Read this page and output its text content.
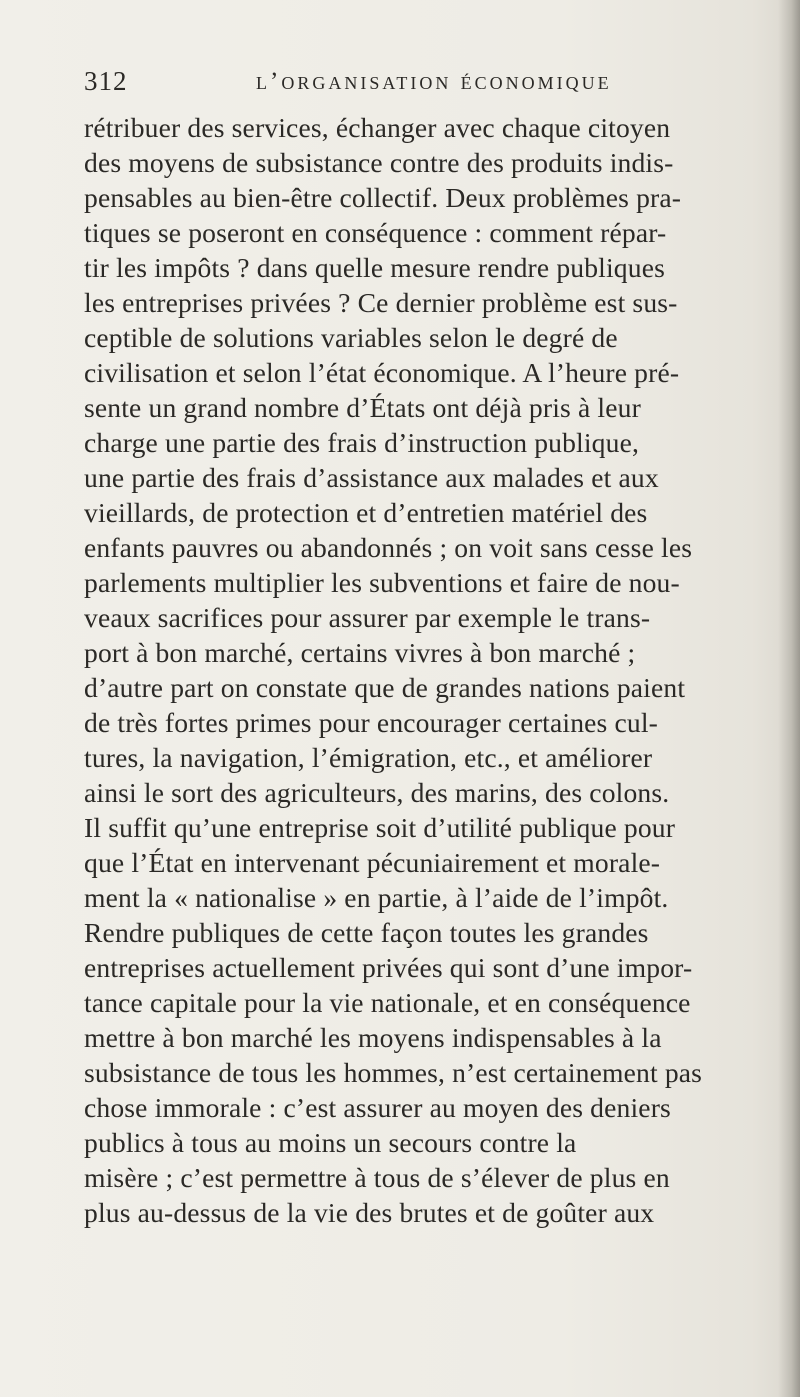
312	l’organisation économique
rétribuer des services, échanger avec chaque citoyen
des moyens de subsistance contre des produits indis-
pensables au bien-être collectif. Deux problèmes pra-
tiques se poseront en conséquence : comment répar-
tir les impôts ? dans quelle mesure rendre publiques
les entreprises privées ? Ce dernier problème est sus-
ceptible de solutions variables selon le degré de
civilisation et selon l’état économique. A l’heure pré-
sente un grand nombre d’États ont déjà pris à leur
charge une partie des frais d’instruction publique,
une partie des frais d’assistance aux malades et aux
vieillards, de protection et d’entretien matériel des
enfants pauvres ou abandonnés ; on voit sans cesse les
parlements multiplier les subventions et faire de nou-
veaux sacrifices pour assurer par exemple le trans-
port à bon marché, certains vivres à bon marché ;
d’autre part on constate que de grandes nations paient
de très fortes primes pour encourager certaines cul-
tures, la navigation, l’émigration, etc., et améliorer
ainsi le sort des agriculteurs, des marins, des colons.
Il suffit qu’une entreprise soit d’utilité publique pour
que l’État en intervenant pécuniairement et morale-
ment la « nationalise » en partie, à l’aide de l’impôt.
Rendre publiques de cette façon toutes les grandes
entreprises actuellement privées qui sont d’une impor-
tance capitale pour la vie nationale, et en conséquence
mettre à bon marché les moyens indispensables à la
subsistance de tous les hommes, n’est certainement pas
chose immorale : c’est assurer au moyen des deniers
publics à tous au moins un secours contre la
misère ; c’est permettre à tous de s’élever de plus en
plus au-dessus de la vie des brutes et de goûter aux
